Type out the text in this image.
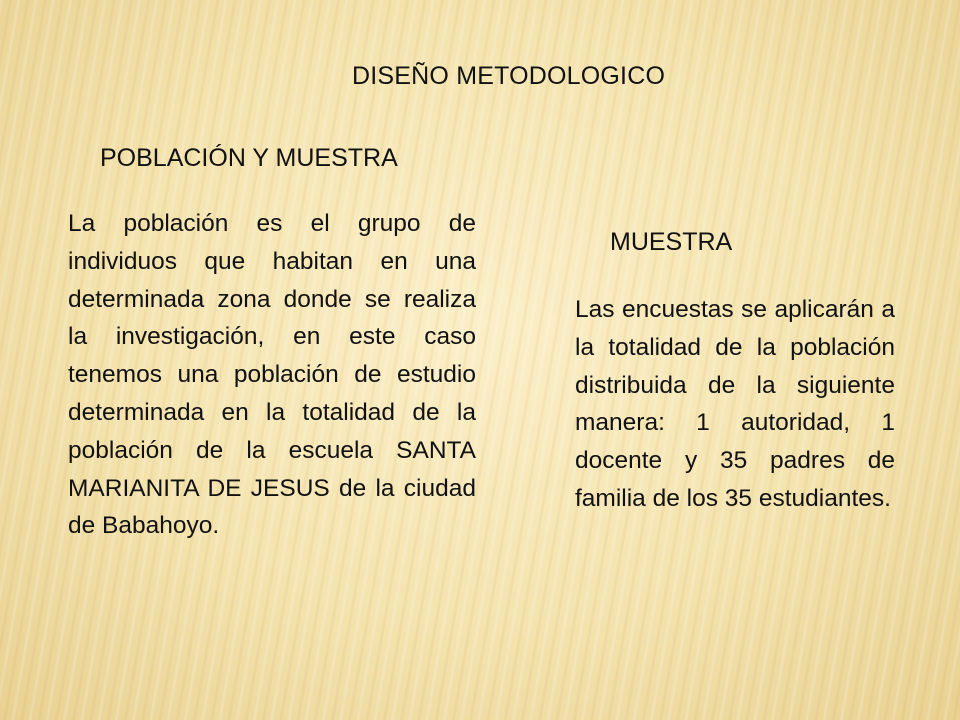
DISEÑO METODOLOGICO
POBLACIÓN Y MUESTRA

La población es el grupo de individuos que habitan en una determinada zona donde se realiza la investigación, en este caso tenemos una población de estudio determinada en la totalidad de la población de la escuela SANTA MARIANITA DE JESUS de la ciudad de Babahoyo.

MUESTRA

Las encuestas se aplicarán a la totalidad de la población distribuida de la siguiente manera: 1 autoridad, 1 docente y 35 padres de familia de los 35 estudiantes.
